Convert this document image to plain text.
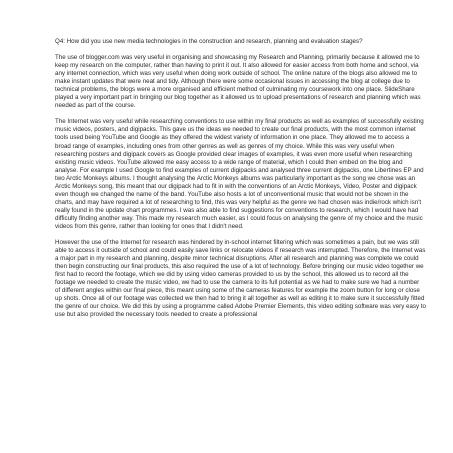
Q4: How did you use new media technologies in the construction and research, planning and evaluation stages?

The use of blogger.com was very useful in organising and showcasing my Research and Planning, primarily because it allowed me to keep my research on the computer, rather than having to print it out. It also allowed for easier access from both home and school, via any internet connection, which was very useful when doing work outside of school. The online nature of the blogs also allowed me to make instant updates that were neat and tidy. Although there were some occasional issues in accessing the blog at college due to technical problems, the blogs were a more organised and efficient method of culminating my coursework into one place. SlideShare played a very important part in bringing our blog together as it allowed us to upload presentations of research and planning which was needed as part of the course.

The Internet was very useful while researching conventions to use within my final products as well as examples of successfully existing music videos, posters, and digipacks. This gave us the ideas we needed to create our final products, with the most common internet tools used being YouTube and Google as they offered the widest variety of information in one place. They allowed me to access a broad range of examples, including ones from other genres as well as genres of my choice. While this was very useful when researching posters and digipack covers as Google provided clear images of examples, it was even more useful when researching existing music videos. YouTube allowed me easy access to a wide range of material, which I could then embed on the blog and analyse. For example I used Google to find examples of current digipacks and analysed three current digipacks, one Libertines EP and two Arctic Monkeys albums. I thought analysing the Arctic Monkeys albums was particularly important as the song we chose was an Arctic Monkeys song, this meant that our digipack had to fit in with the conventions of an Arctic Monkeys, Video, Poster and digipack even though we changed the name of the band. YouTube also hosts a lot of unconventional music that would not be shown in the charts, and may have required a lot of researching to find, this was very helpful as the genre we had chosen was indie/rock which isn't really found in the update chart programmes. I was also able to find suggestions for conventions to research, which I would have had difficulty finding another way. This made my research much easier, as I could focus on analysing the genre of my choice and the music videos from this genre, rather than looking for ones that I didn't need.

However the use of the Internet for research was hindered by in-school internet filtering which was sometimes a pain, but we was still able to access it outside of school and could easily save links or relocate videos if research was interrupted. Therefore, the Internet was a major part in my research and planning, despite minor technical disruptions. After all research and planning was complete we could then begin constructing our final products, this also required the use of a lot of technology. Before bringing our music video together we first had to record the footage, which we did by using video cameras provided to us by the school, this allowed us to record all the footage we needed to create the music video, we had to use the camera to its full potential as we had to make sure we had a number of different angles within our final piece, this meant using some of the cameras features for example the zoom button for long or close up shots. Once all of our footage was collected we then had to bring it all together as well as editing it to make sure it successfully fitted the genre of our choice. We did this by using a programme called Adobe Premier Elements, this video editing software was very easy to use but also provided the necessary tools needed to create a professional
